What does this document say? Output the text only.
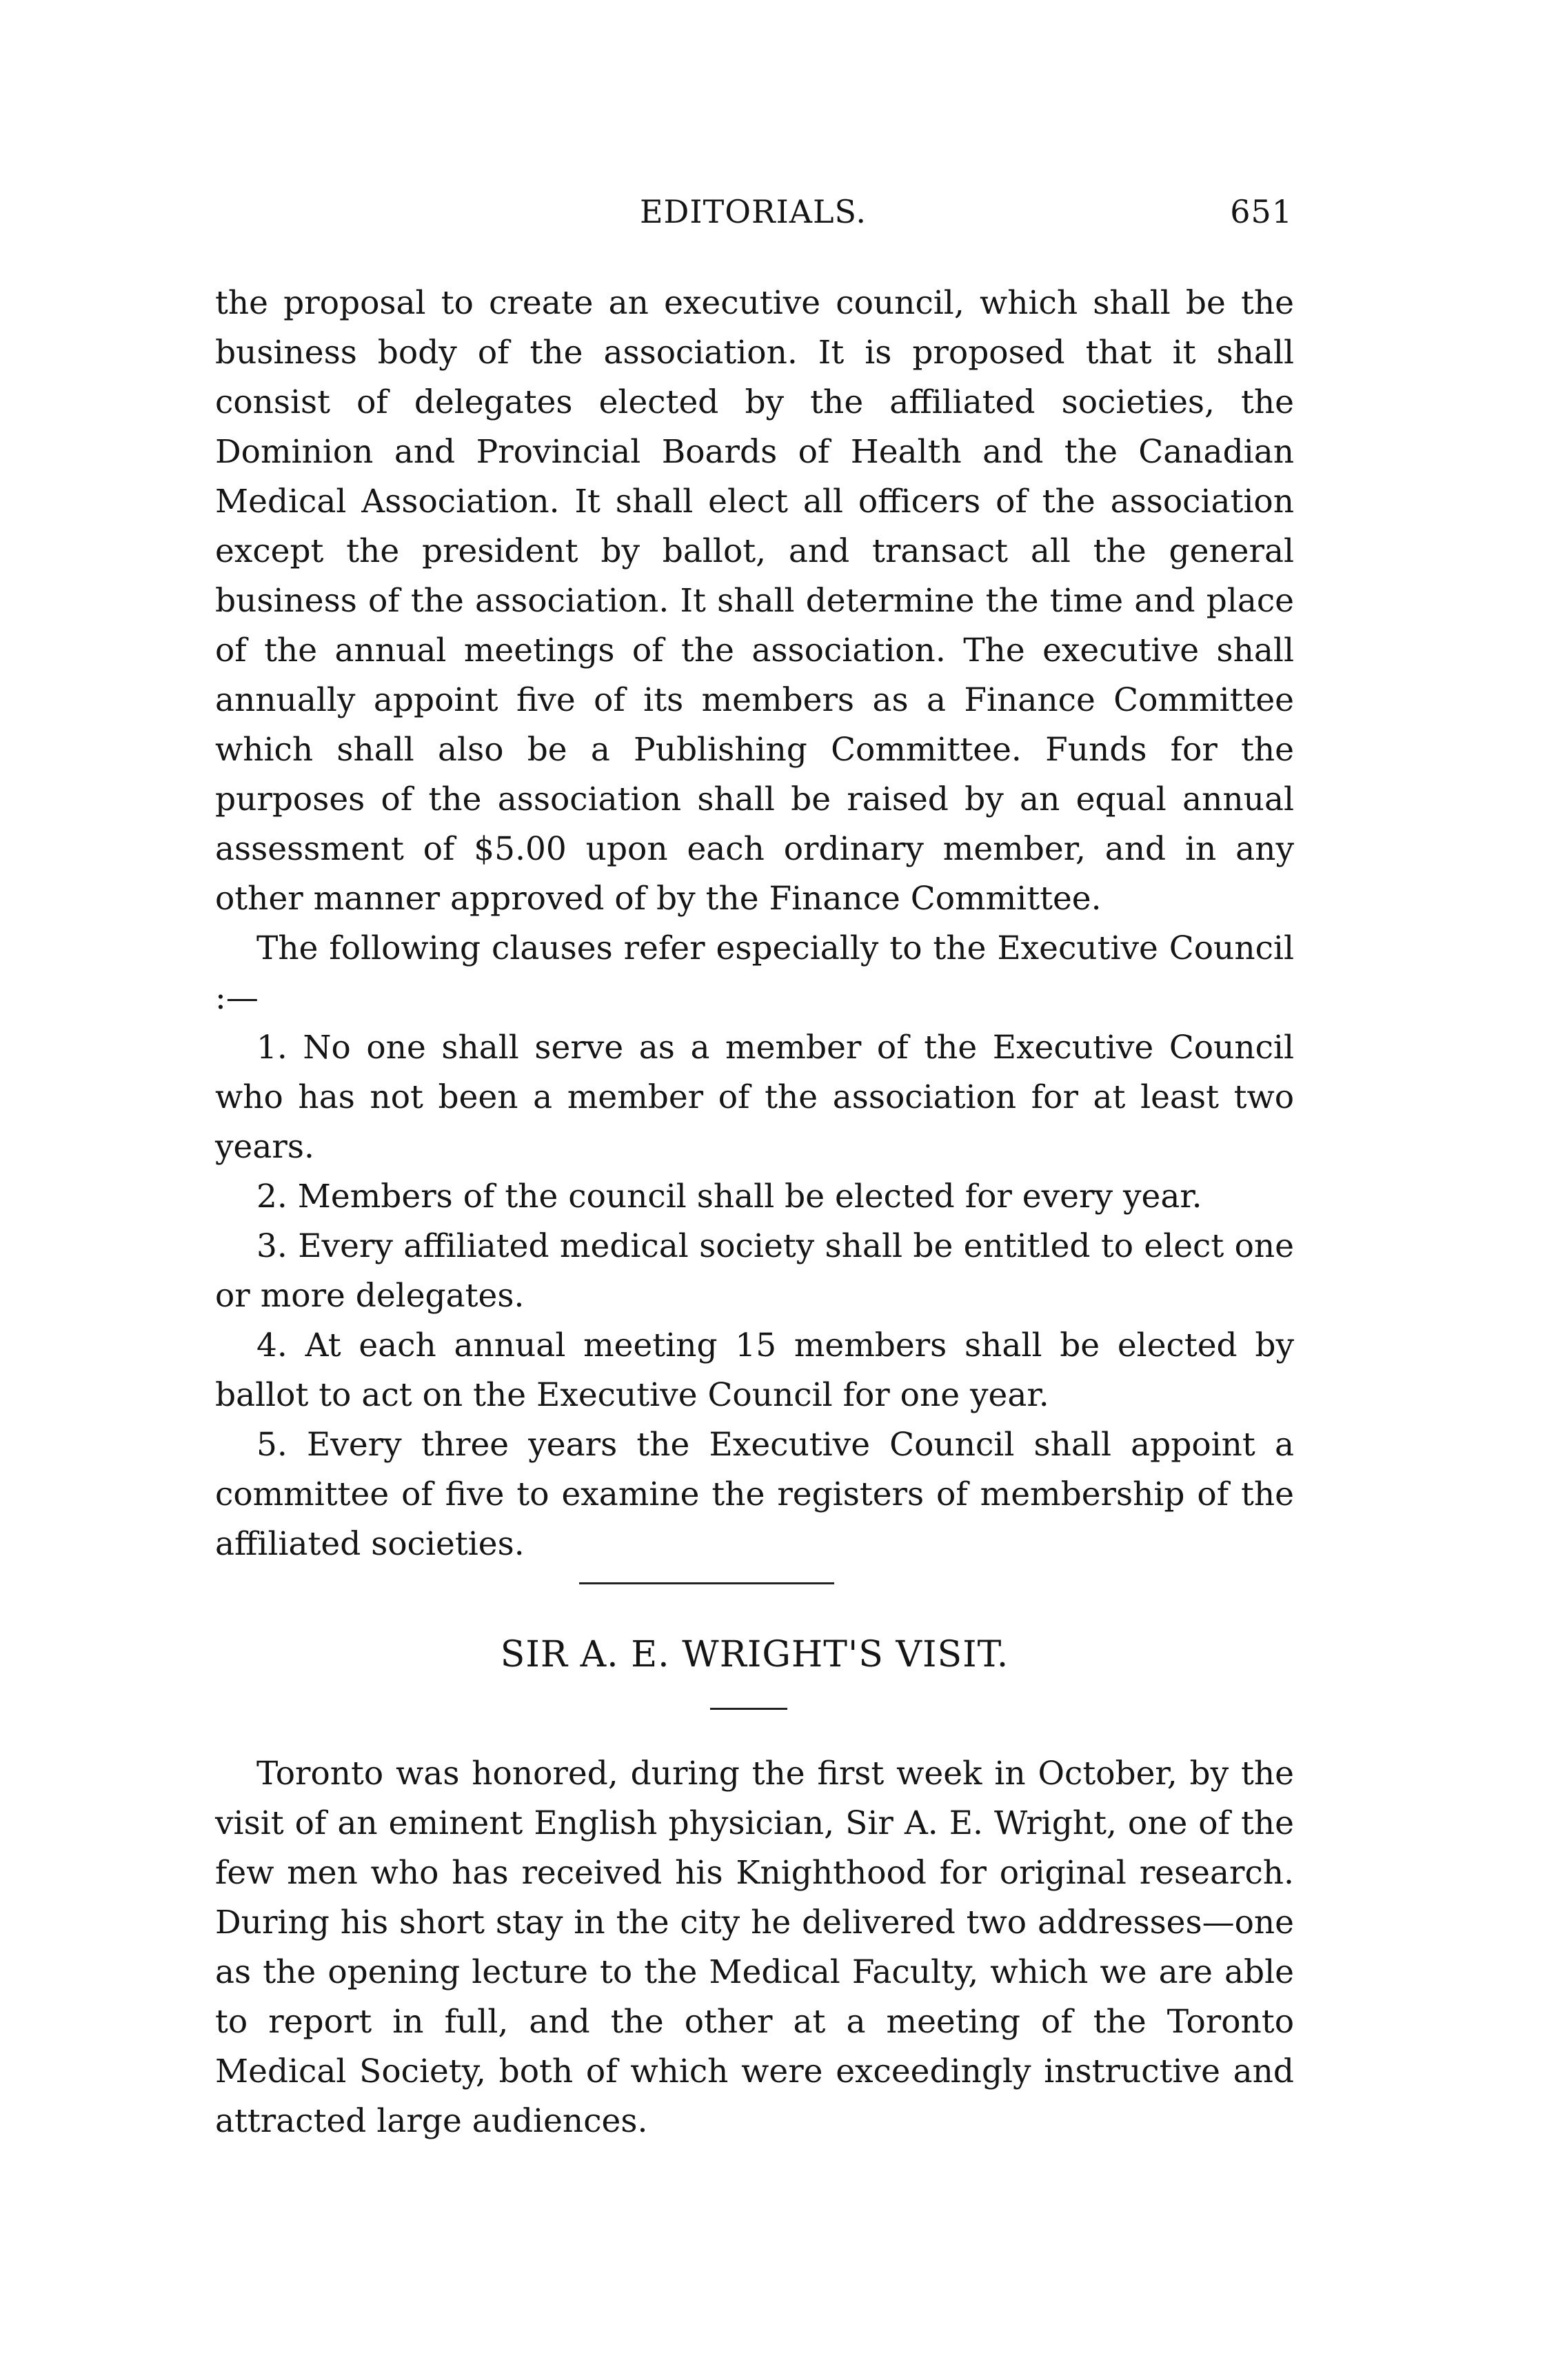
EDITORIALS.	651

the proposal to create an executive council, which shall be the business body of the association. It is proposed that it shall consist of delegates elected by the affiliated societies, the Dominion and Provincial Boards of Health and the Canadian Medical Association. It shall elect all officers of the association except the president by ballot, and transact all the general business of the association. It shall determine the time and place of the annual meetings of the association. The executive shall annually appoint five of its members as a Finance Committee which shall also be a Publishing Committee. Funds for the purposes of the association shall be raised by an equal annual assessment of $5.00 upon each ordinary member, and in any other manner approved of by the Finance Committee.

The following clauses refer especially to the Executive Council :—

1. No one shall serve as a member of the Executive Council who has not been a member of the association for at least two years.

2. Members of the council shall be elected for every year.

3. Every affiliated medical society shall be entitled to elect one or more delegates.

4. At each annual meeting 15 members shall be elected by ballot to act on the Executive Council for one year.

5. Every three years the Executive Council shall appoint a committee of five to examine the registers of membership of the affiliated societies.

SIR A. E. WRIGHT'S VISIT.

Toronto was honored, during the first week in October, by the visit of an eminent English physician, Sir A. E. Wright, one of the few men who has received his Knighthood for original research. During his short stay in the city he delivered two addresses—one as the opening lecture to the Medical Faculty, which we are able to report in full, and the other at a meeting of the Toronto Medical Society, both of which were exceedingly instructive and attracted large audiences.
